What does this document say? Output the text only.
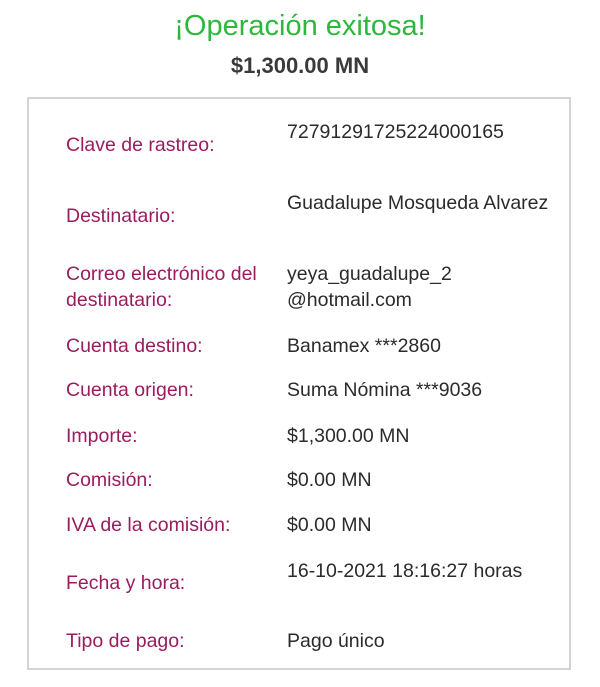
¡Operación exitosa!
$1,300.00 MN
Clave de rastreo:
72791291725224000165
Destinatario:
Guadalupe Mosqueda Alvarez
Correo electrónico del destinatario:
yeya_guadalupe_2@hotmail.com
Cuenta destino:	Banamex ***2860
Cuenta origen:	Suma Nómina ***9036
Importe:	$1,300.00 MN
Comisión:	$0.00 MN
IVA de la comisión:	$0.00 MN
Fecha y hora:
16-10-2021 18:16:27 horas
Tipo de pago:	Pago único
